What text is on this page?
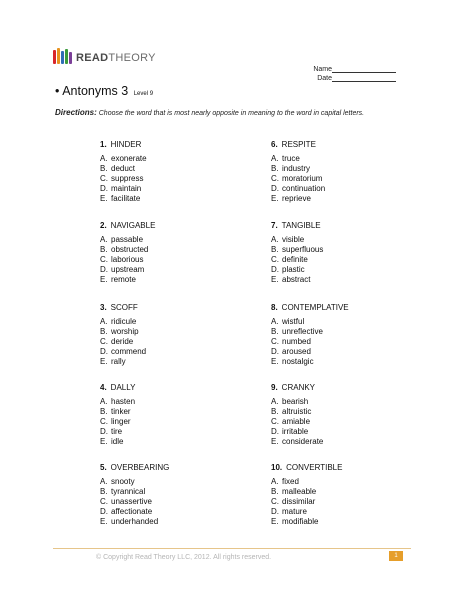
READTHEORY
Name
Date
• Antonyms 3 Level 9
Directions: Choose the word that is most nearly opposite in meaning to the word in capital letters.
1. HINDER
A. exonerate
B. deduct
C. suppress
D. maintain
E. facilitate
2. NAVIGABLE
A. passable
B. obstructed
C. laborious
D. upstream
E. remote
3. SCOFF
A. ridicule
B. worship
C. deride
D. commend
E. rally
4. DALLY
A. hasten
B. tinker
C. linger
D. tire
E. idle
5. OVERBEARING
A. snooty
B. tyrannical
C. unassertive
D. affectionate
E. underhanded
6. RESPITE
A. truce
B. industry
C. moratorium
D. continuation
E. reprieve
7. TANGIBLE
A. visible
B. superfluous
C. definite
D. plastic
E. abstract
8. CONTEMPLATIVE
A. wistful
B. unreflective
C. numbed
D. aroused
E. nostalgic
9. CRANKY
A. bearish
B. altruistic
C. amiable
D. irritable
E. considerate
10. CONVERTIBLE
A. fixed
B. malleable
C. dissimilar
D. mature
E. modifiable
© Copyright Read Theory LLC, 2012. All rights reserved.	1
